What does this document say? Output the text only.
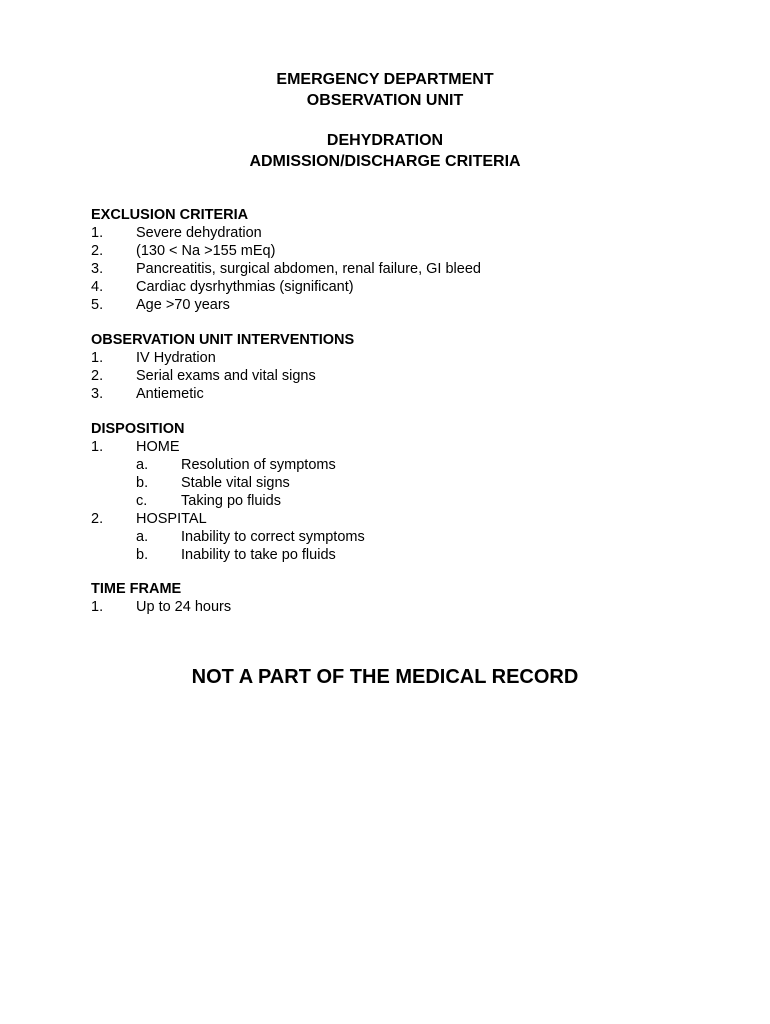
EMERGENCY DEPARTMENT
OBSERVATION UNIT
DEHYDRATION
ADMISSION/DISCHARGE CRITERIA
EXCLUSION CRITERIA
1. Severe dehydration
2. (130 < Na >155 mEq)
3. Pancreatitis, surgical abdomen, renal failure, GI bleed
4. Cardiac dysrhythmias (significant)
5. Age >70 years
OBSERVATION UNIT INTERVENTIONS
1. IV Hydration
2. Serial exams and vital signs
3. Antiemetic
DISPOSITION
1. HOME
a. Resolution of symptoms
b. Stable vital signs
c. Taking po fluids
2. HOSPITAL
a. Inability to correct symptoms
b. Inability to take po fluids
TIME FRAME
1. Up to 24 hours
NOT A PART OF THE MEDICAL RECORD
